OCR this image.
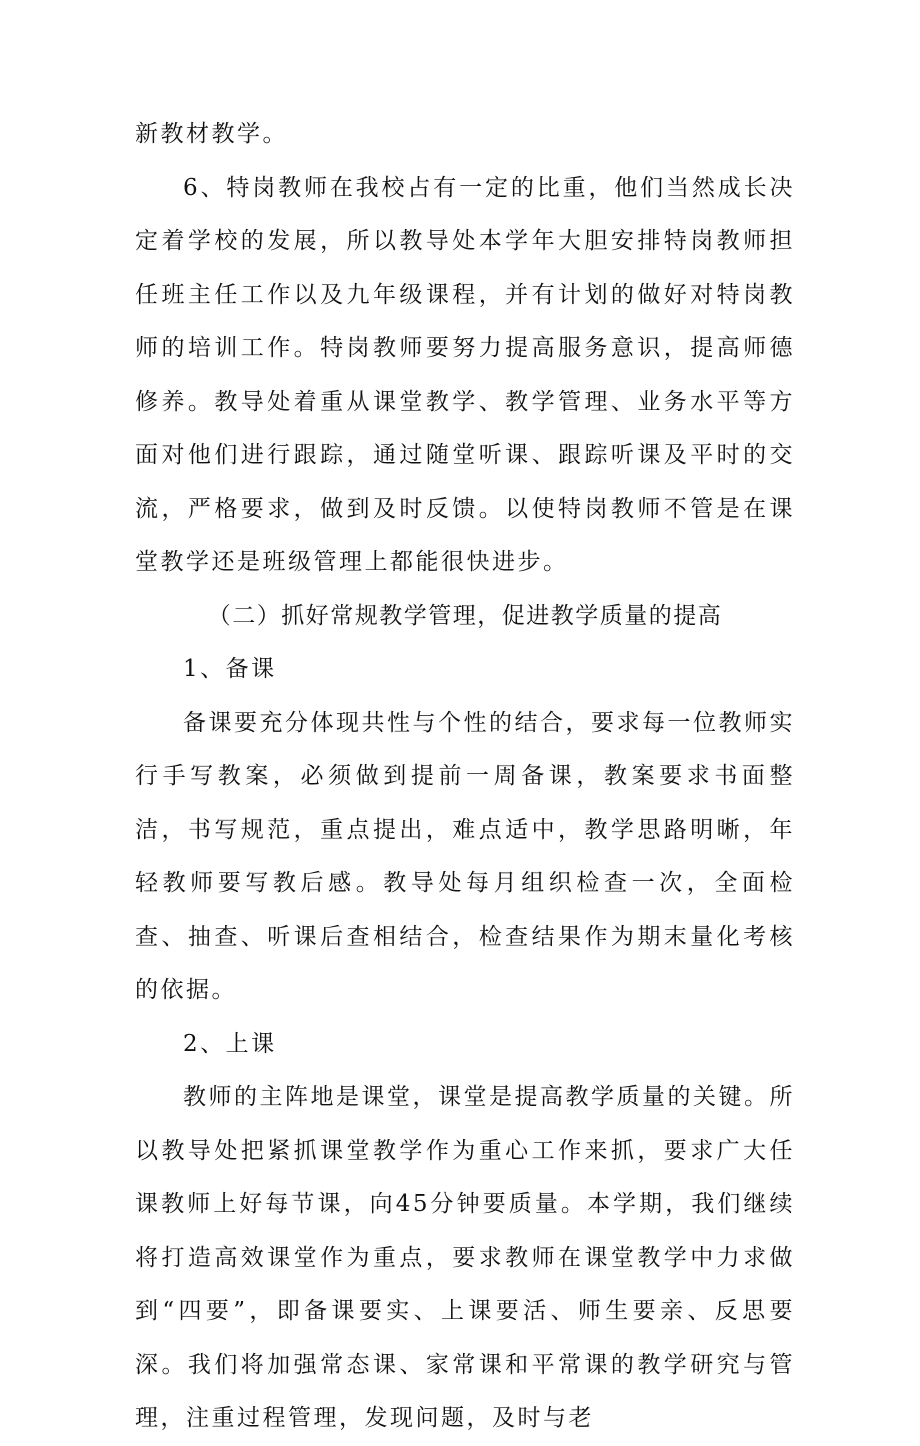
新教材教学。

6、特岗教师在我校占有一定的比重，他们当然成长决定着学校的发展，所以教导处本学年大胆安排特岗教师担任班主任工作以及九年级课程，并有计划的做好对特岗教师的培训工作。特岗教师要努力提高服务意识，提高师德修养。教导处着重从课堂教学、教学管理、业务水平等方面对他们进行跟踪，通过随堂听课、跟踪听课及平时的交流，严格要求，做到及时反馈。以使特岗教师不管是在课堂教学还是班级管理上都能很快进步。

（二）抓好常规教学管理，促进教学质量的提高

1、备课

备课要充分体现共性与个性的结合，要求每一位教师实行手写教案，必须做到提前一周备课，教案要求书面整洁，书写规范，重点提出，难点适中，教学思路明晰，年轻教师要写教后感。教导处每月组织检查一次，全面检查、抽查、听课后查相结合，检查结果作为期末量化考核的依据。

2、上课

教师的主阵地是课堂，课堂是提高教学质量的关键。所以教导处把紧抓课堂教学作为重心工作来抓，要求广大任课教师上好每节课，向45分钟要质量。本学期，我们继续将打造高效课堂作为重点，要求教师在课堂教学中力求做到“四要”，即备课要实、上课要活、师生要亲、反思要深。我们将加强常态课、家常课和平常课的教学研究与管理，注重过程管理，发现问题，及时与老
